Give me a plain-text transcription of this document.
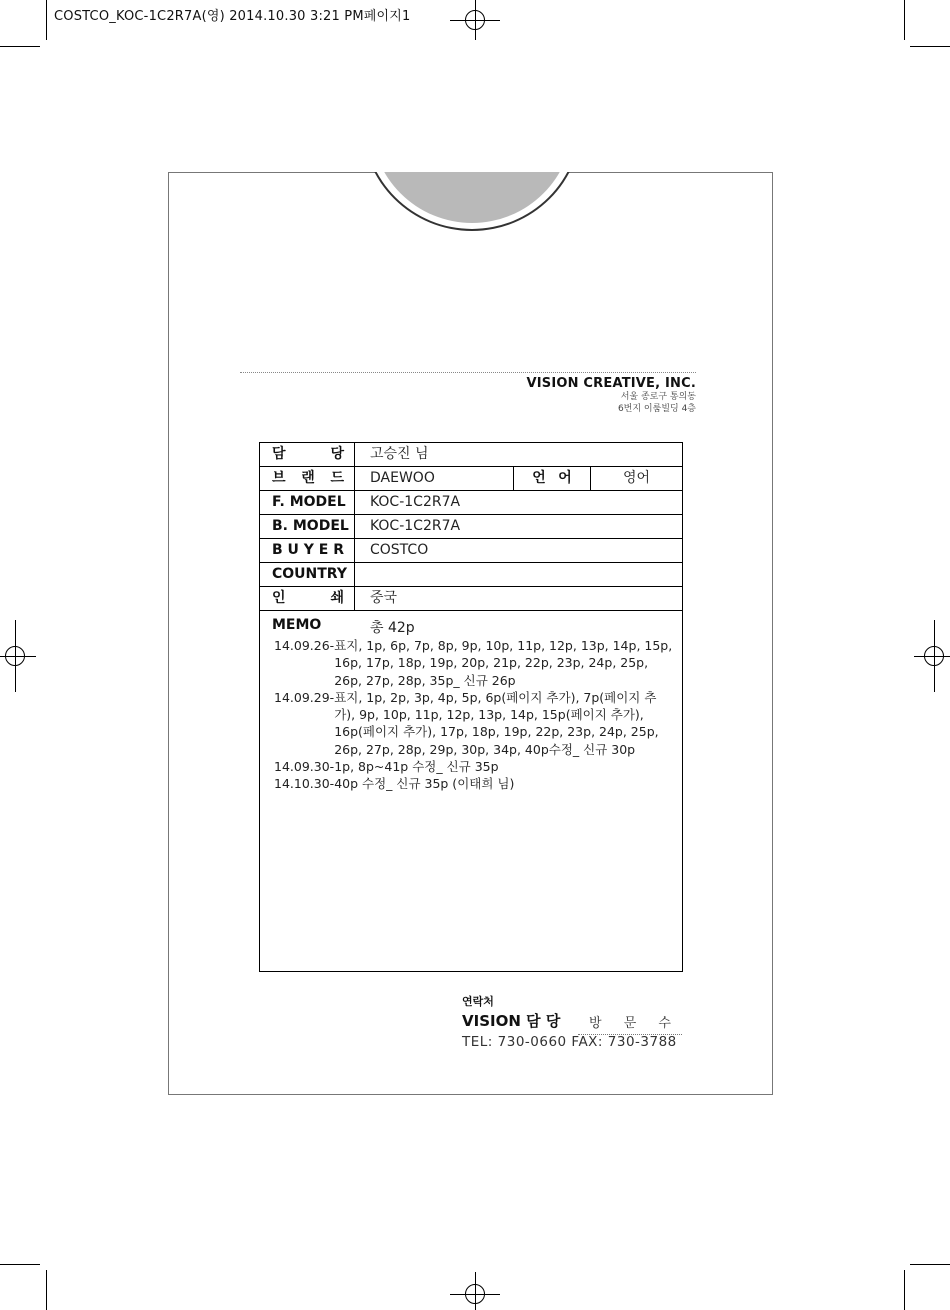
COSTCO_KOC-1C2R7A(영) 2014.10.30 3:21 PM페이지1
VISION CREATIVE, INC.
서울 종로구 통의동
6번지 이룸빌딩 4층
담	당	고승진 님
브 랜 드	DAEWOO	언 어	영어
F. MODEL	KOC-1C2R7A
B. MODEL	KOC-1C2R7A
B U Y E R	COSTCO
COUNTRY
인	쇄	중국
MEMO	총 42p
14.09.26- 표지, 1p, 6p, 7p, 8p, 9p, 10p, 11p, 12p, 13p, 14p, 15p,
16p, 17p, 18p, 19p, 20p, 21p, 22p, 23p, 24p, 25p,
26p, 27p, 28p, 35p_ 신규 26p
14.09.29- 표지, 1p, 2p, 3p, 4p, 5p, 6p(페이지 추가), 7p(페이지 추
가), 9p, 10p, 11p, 12p, 13p, 14p, 15p(페이지 추가),
16p(페이지 추가), 17p, 18p, 19p, 22p, 23p, 24p, 25p,
26p, 27p, 28p, 29p, 30p, 34p, 40p수정_ 신규 30p
14.09.30- 1p, 8p~41p 수정_ 신규 35p
14.10.30- 40p 수정_ 신규 35p (이태희 님)
연락처
VISION 담 당 방 문 수
TEL: 730-0660 FAX: 730-3788
